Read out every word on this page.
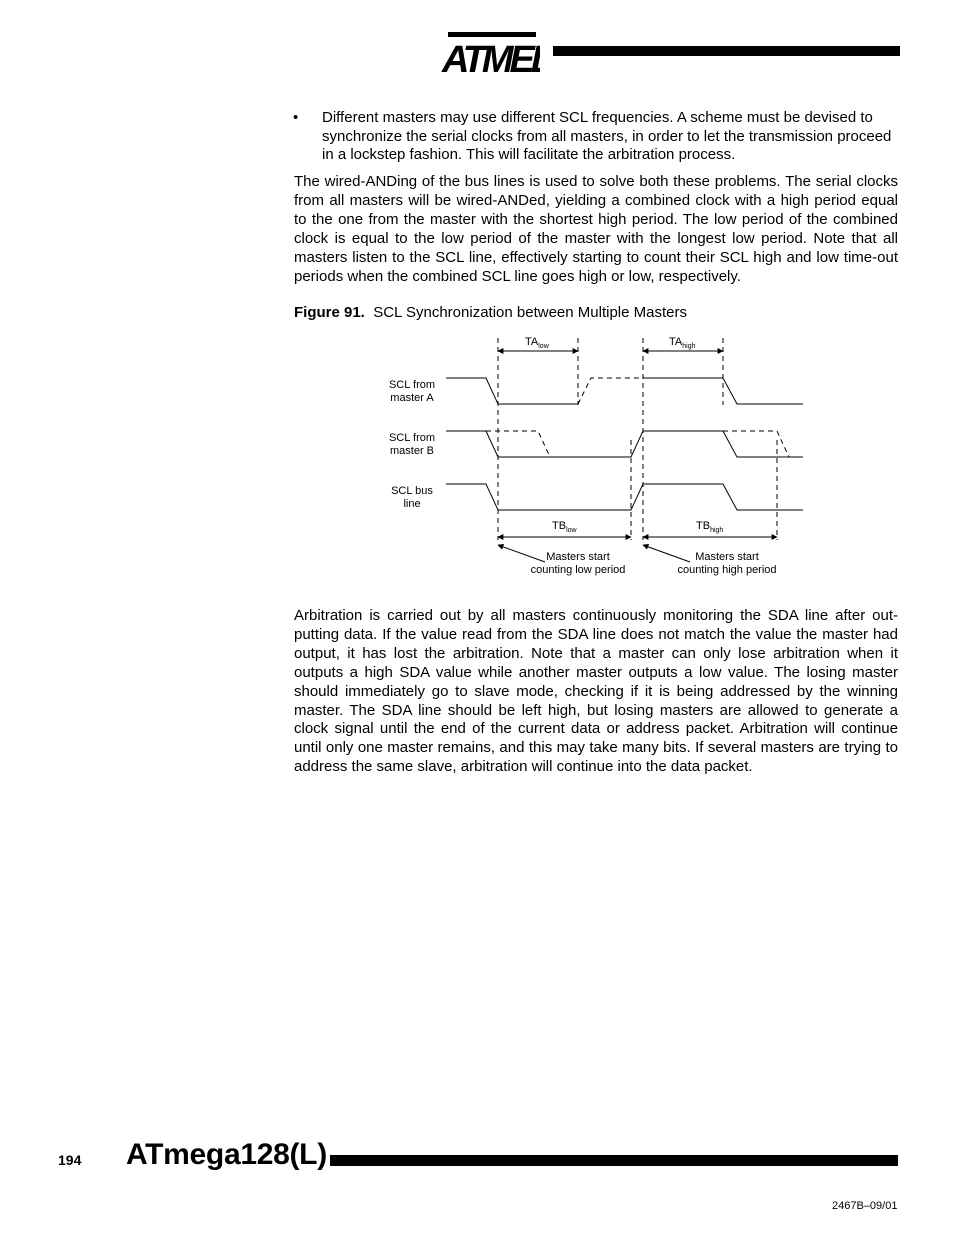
ATMEL
• Different masters may use different SCL frequencies. A scheme must be devised to synchronize the serial clocks from all masters, in order to let the transmission proceed in a lockstep fashion. This will facilitate the arbitration process.
The wired-ANDing of the bus lines is used to solve both these problems. The serial clocks from all masters will be wired-ANDed, yielding a combined clock with a high period equal to the one from the master with the shortest high period. The low period of the combined clock is equal to the low period of the master with the longest low period. Note that all masters listen to the SCL line, effectively starting to count their SCL high and low time-out periods when the combined SCL line goes high or low, respectively.
Figure 91. SCL Synchronization between Multiple Masters
$TA_{low}$	$TA_{high}$
SCL from
master A
SCL from
master B
SCL bus
line
$TB_{low}$	$TB_{high}$
Masters start
counting low period
Masters start
counting high period
Arbitration is carried out by all masters continuously monitoring the SDA line after out-putting data. If the value read from the SDA line does not match the value the master had output, it has lost the arbitration. Note that a master can only lose arbitration when it outputs a high SDA value while another master outputs a low value. The losing master should immediately go to slave mode, checking if it is being addressed by the winning master. The SDA line should be left high, but losing masters are allowed to generate a clock signal until the end of the current data or address packet. Arbitration will continue until only one master remains, and this may take many bits. If several masters are trying to address the same slave, arbitration will continue into the data packet.
194 ATmega128(L)
2467B–09/01
